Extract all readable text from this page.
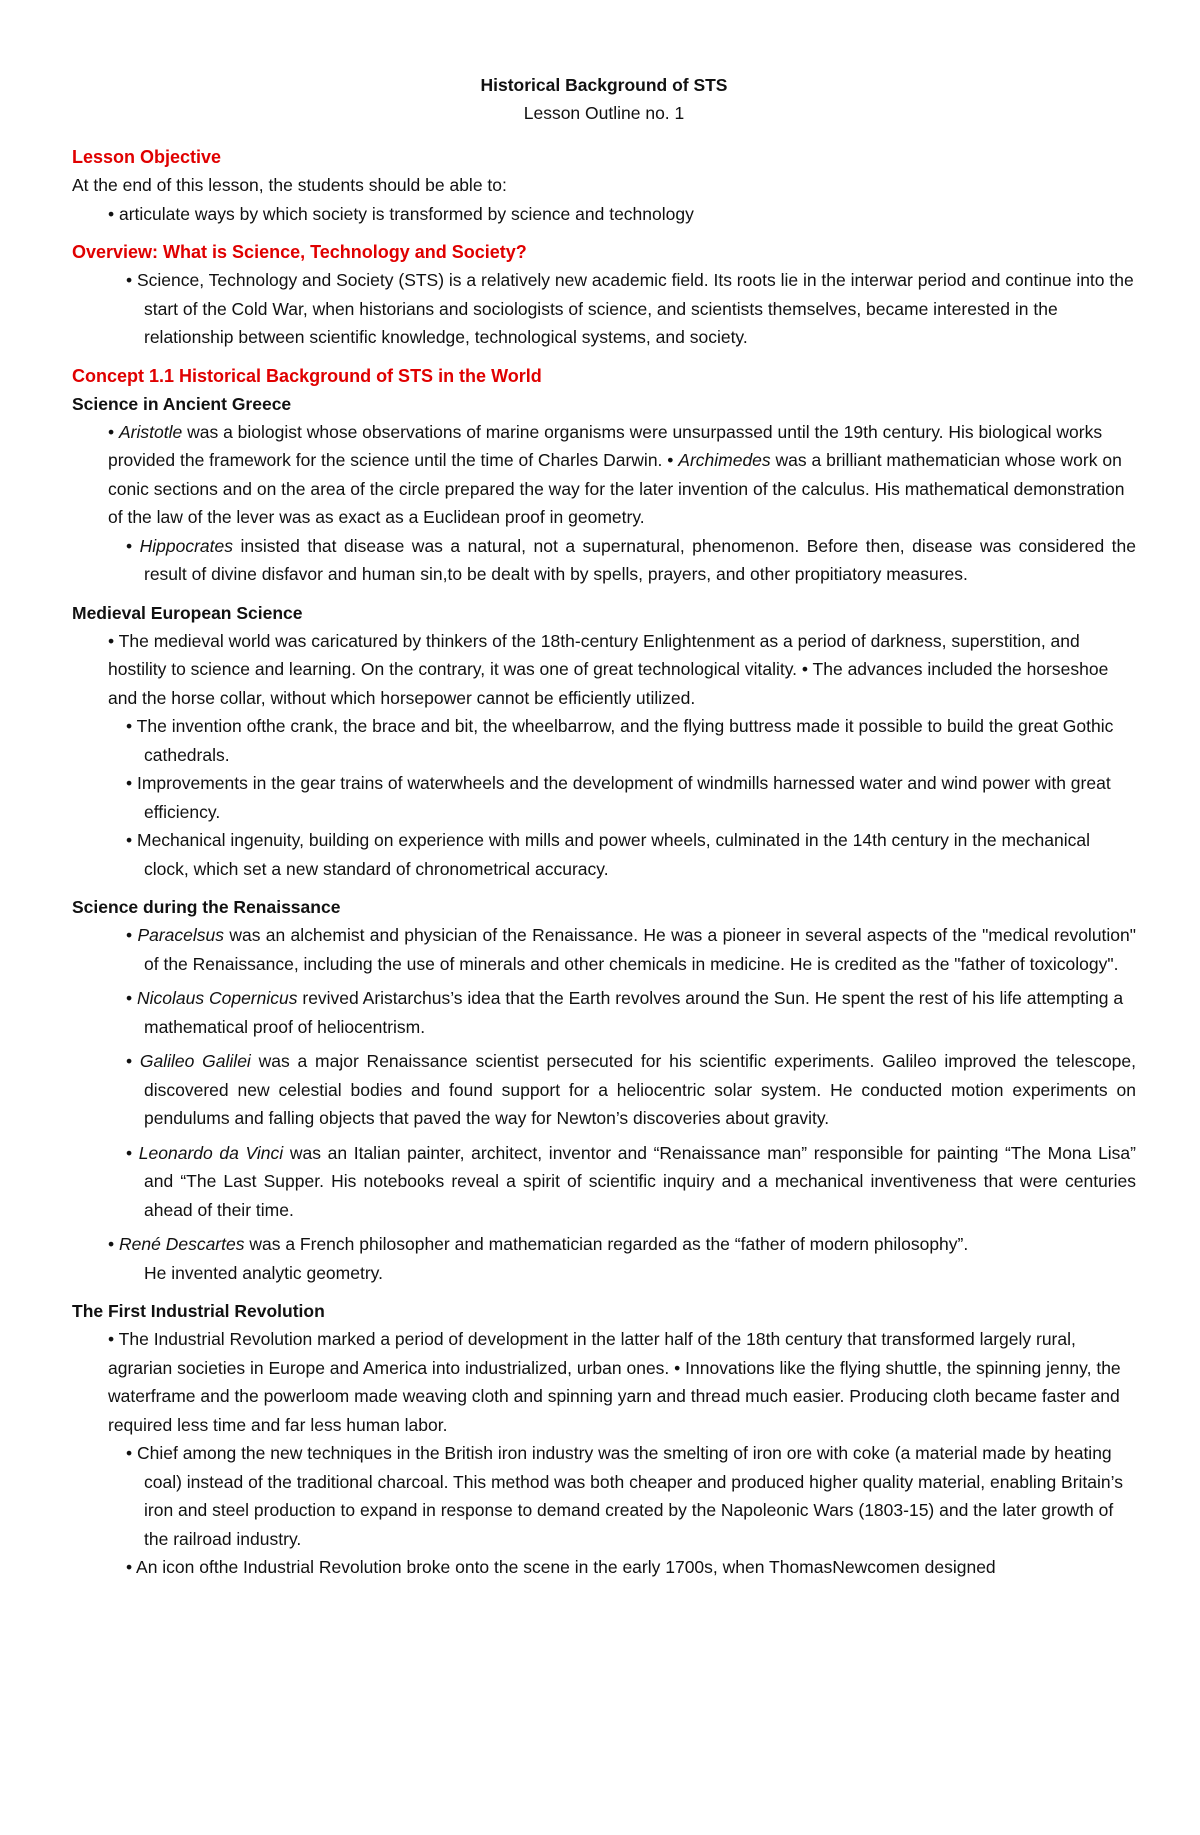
Historical Background of STS
Lesson Outline no. 1
Lesson Objective
At the end of this lesson, the students should be able to:
• articulate ways by which society is transformed by science and technology
Overview: What is Science, Technology and Society?
• Science, Technology and Society (STS) is a relatively new academic field. Its roots lie in the interwar period and continue into the start of the Cold War, when historians and sociologists of science, and scientists themselves, became interested in the relationship between scientific knowledge, technological systems, and society.
Concept 1.1 Historical Background of STS in the World
Science in Ancient Greece
• Aristotle was a biologist whose observations of marine organisms were unsurpassed until the 19th century. His biological works provided the framework for the science until the time of Charles Darwin. • Archimedes was a brilliant mathematician whose work on conic sections and on the area of the circle prepared the way for the later invention of the calculus. His mathematical demonstration of the law of the lever was as exact as a Euclidean proof in geometry.
• Hippocrates insisted that disease was a natural, not a supernatural, phenomenon. Before then, disease was considered the result of divine disfavor and human sin,to be dealt with by spells, prayers, and other propitiatory measures.
Medieval European Science
• The medieval world was caricatured by thinkers of the 18th-century Enlightenment as a period of darkness, superstition, and hostility to science and learning. On the contrary, it was one of great technological vitality. • The advances included the horseshoe and the horse collar, without which horsepower cannot be efficiently utilized.
• The invention ofthe crank, the brace and bit, the wheelbarrow, and the flying buttress made it possible to build the great Gothic cathedrals.
• Improvements in the gear trains of waterwheels and the development of windmills harnessed water and wind power with great efficiency.
• Mechanical ingenuity, building on experience with mills and power wheels, culminated in the 14th century in the mechanical clock, which set a new standard of chronometrical accuracy.
Science during the Renaissance
• Paracelsus was an alchemist and physician of the Renaissance. He was a pioneer in several aspects of the "medical revolution" of the Renaissance, including the use of minerals and other chemicals in medicine. He is credited as the "father of toxicology".
• Nicolaus Copernicus revived Aristarchus’s idea that the Earth revolves around the Sun. He spent the rest of his life attempting a mathematical proof of heliocentrism.
• Galileo Galilei was a major Renaissance scientist persecuted for his scientific experiments. Galileo improved the telescope, discovered new celestial bodies and found support for a heliocentric solar system. He conducted motion experiments on pendulums and falling objects that paved the way for Newton’s discoveries about gravity.
• Leonardo da Vinci was an Italian painter, architect, inventor and “Renaissance man” responsible for painting “The Mona Lisa” and “The Last Supper. His notebooks reveal a spirit of scientific inquiry and a mechanical inventiveness that were centuries ahead of their time.
• René Descartes was a French philosopher and mathematician regarded as the “father of modern philosophy”.
He invented analytic geometry.
The First Industrial Revolution
• The Industrial Revolution marked a period of development in the latter half of the 18th century that transformed largely rural, agrarian societies in Europe and America into industrialized, urban ones. • Innovations like the flying shuttle, the spinning jenny, the waterframe and the powerloom made weaving cloth and spinning yarn and thread much easier. Producing cloth became faster and required less time and far less human labor.
• Chief among the new techniques in the British iron industry was the smelting of iron ore with coke (a material made by heating coal) instead of the traditional charcoal. This method was both cheaper and produced higher quality material, enabling Britain’s iron and steel production to expand in response to demand created by the Napoleonic Wars (1803-15) and the later growth of the railroad industry.
• An icon ofthe Industrial Revolution broke onto the scene in the early 1700s, when ThomasNewcomen designed
